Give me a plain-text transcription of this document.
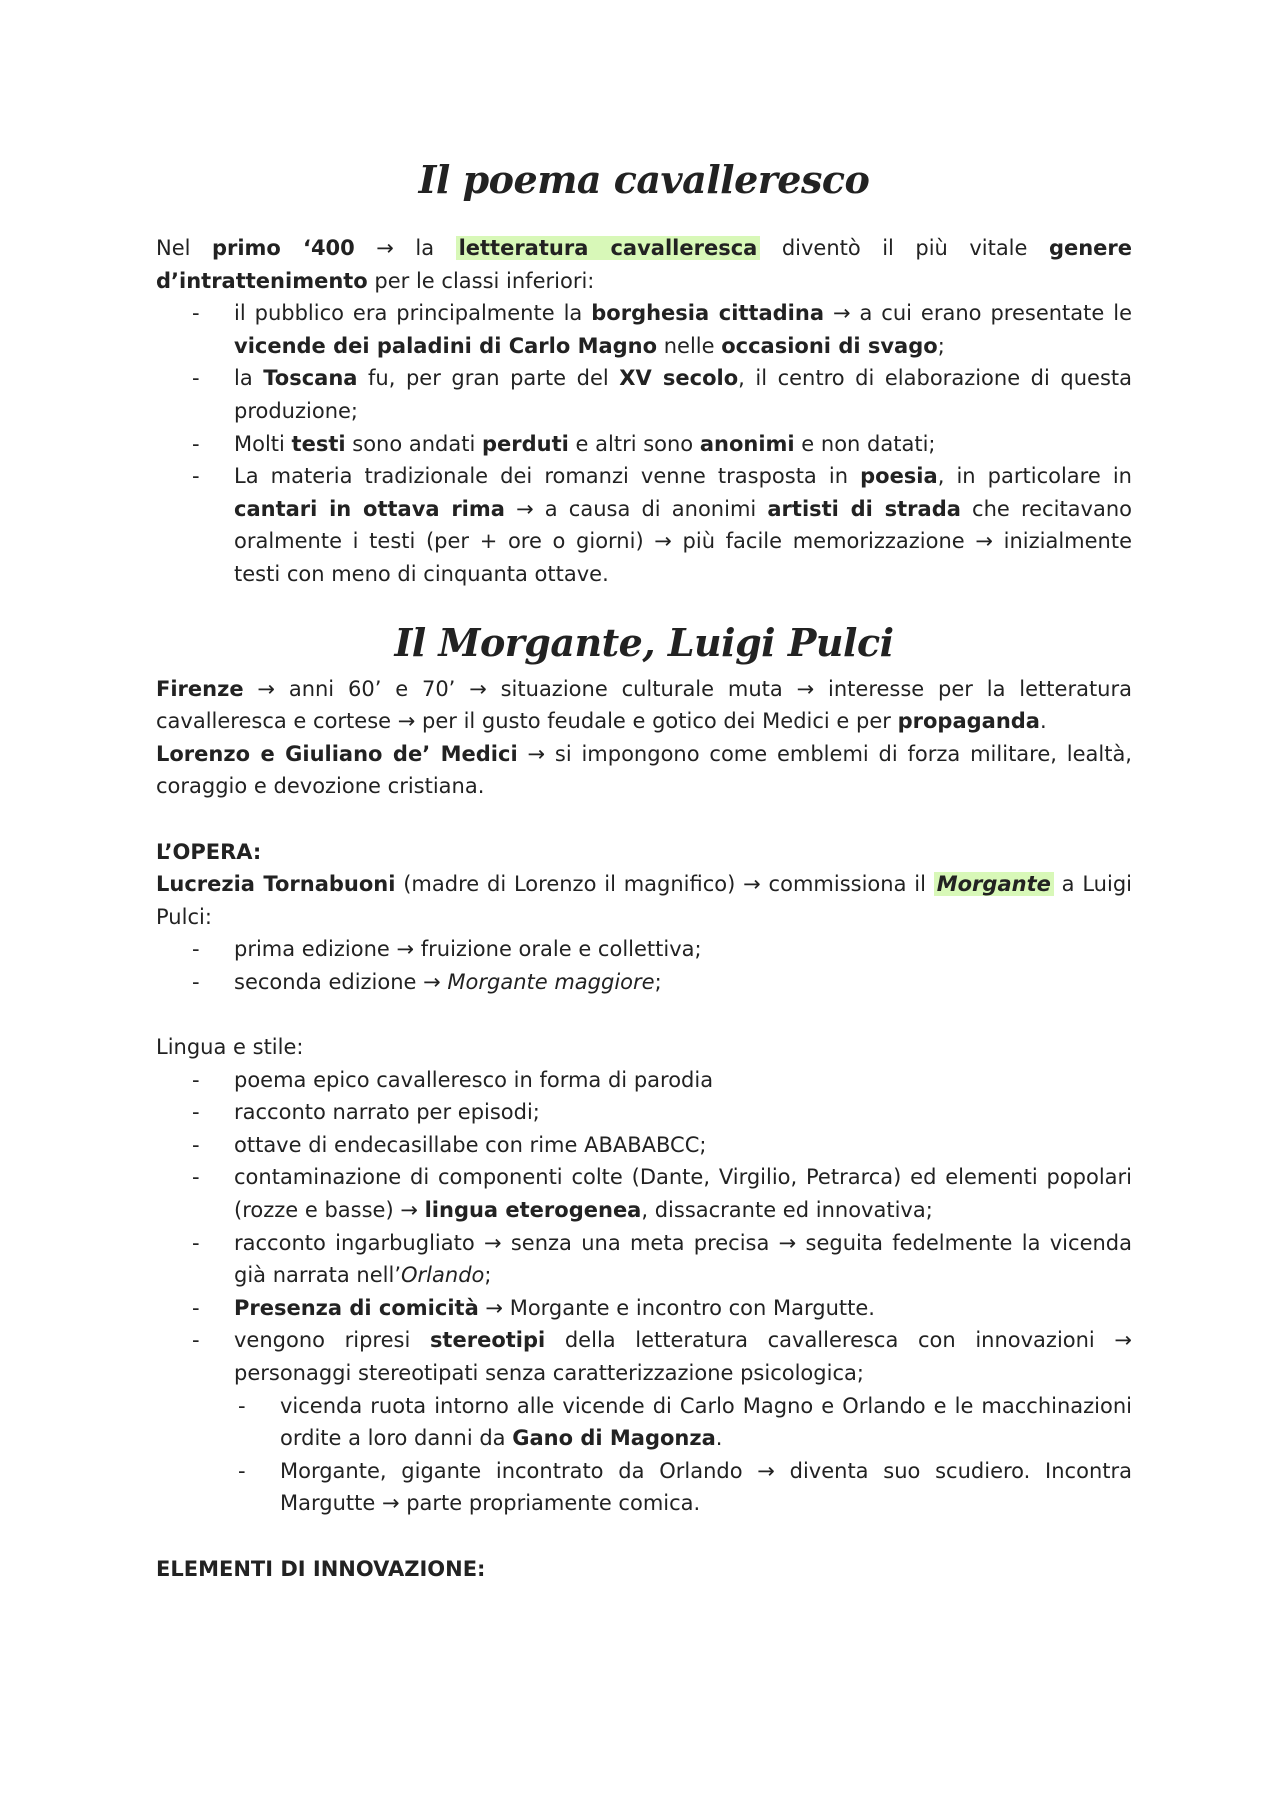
Il poema cavalleresco

Nel primo ‘400 → la letteratura cavalleresca diventò il più vitale genere d’intrattenimento per le classi inferiori:

- il pubblico era principalmente la borghesia cittadina → a cui erano presentate le vicende dei paladini di Carlo Magno nelle occasioni di svago;
- la Toscana fu, per gran parte del XV secolo, il centro di elaborazione di questa produzione;
- Molti testi sono andati perduti e altri sono anonimi e non datati;
- La materia tradizionale dei romanzi venne trasposta in poesia, in particolare in cantari in ottava rima → a causa di anonimi artisti di strada che recitavano oralmente i testi (per + ore o giorni) → più facile memorizzazione → inizialmente testi con meno di cinquanta ottave.
Il Morgante, Luigi Pulci

Firenze → anni 60’ e 70’ → situazione culturale muta → interesse per la letteratura cavalleresca e cortese → per il gusto feudale e gotico dei Medici e per propaganda.

Lorenzo e Giuliano de’ Medici → si impongono come emblemi di forza militare, lealtà, coraggio e devozione cristiana.

L’OPERA:

Lucrezia Tornabuoni (madre di Lorenzo il magnifico) → commissiona il Morgante a Luigi Pulci:

- prima edizione → fruizione orale e collettiva;
- seconda edizione → Morgante maggiore;

Lingua e stile:

- poema epico cavalleresco in forma di parodia
- racconto narrato per episodi;
- ottave di endecasillabe con rime ABABABCC;
- contaminazione di componenti colte (Dante, Virgilio, Petrarca) ed elementi popolari (rozze e basse) → lingua eterogenea, dissacrante ed innovativa;
- racconto ingarbugliato → senza una meta precisa → seguita fedelmente la vicenda già narrata nell’Orlando;
- Presenza di comicità → Morgante e incontro con Margutte.
- vengono ripresi stereotipi della letteratura cavalleresca con innovazioni → personaggi stereotipati senza caratterizzazione psicologica;
- vicenda ruota intorno alle vicende di Carlo Magno e Orlando e le macchinazioni ordite a loro danni da Gano di Magonza.
- Morgante, gigante incontrato da Orlando → diventa suo scudiero. Incontra Margutte → parte propriamente comica.

ELEMENTI DI INNOVAZIONE:
